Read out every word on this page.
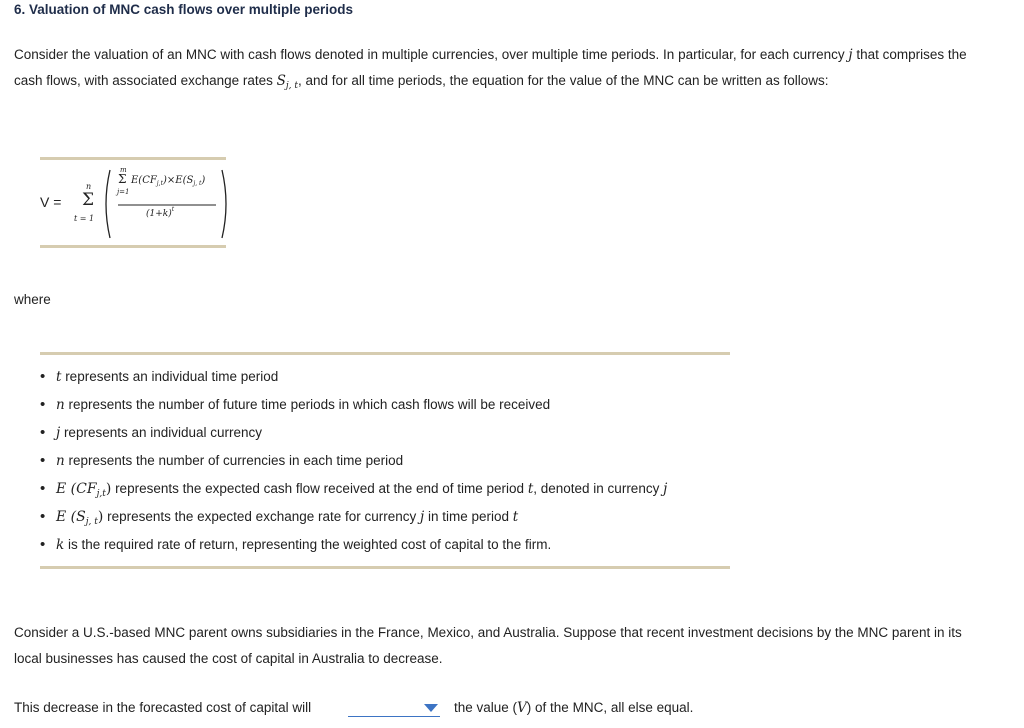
6. Valuation of MNC cash flows over multiple periods
Consider the valuation of an MNC with cash flows denoted in multiple currencies, over multiple time periods. In particular, for each currency j that comprises the cash flows, with associated exchange rates $S_{j, t}$, and for all time periods, the equation for the value of the MNC can be written as follows:
V =
n
Σ
t = 1
m
Σ
j=1
$E(CF_{j,t})\times E(S_{j, t})$
$(1+k)^t$
where
• t represents an individual time period
• n represents the number of future time periods in which cash flows will be received
• j represents an individual currency
• n represents the number of currencies in each time period
• E $(CF_{j,t})$ represents the expected cash flow received at the end of time period t, denoted in currency j
• E $(S_{j, t})$ represents the expected exchange rate for currency j in time period t
• k is the required rate of return, representing the weighted cost of capital to the firm.
Consider a U.S.-based MNC parent owns subsidiaries in the France, Mexico, and Australia. Suppose that recent investment decisions by the MNC parent in its local businesses has caused the cost of capital in Australia to decrease.
This decrease in the forecasted cost of capital will	the value (V) of the MNC, all else equal.
